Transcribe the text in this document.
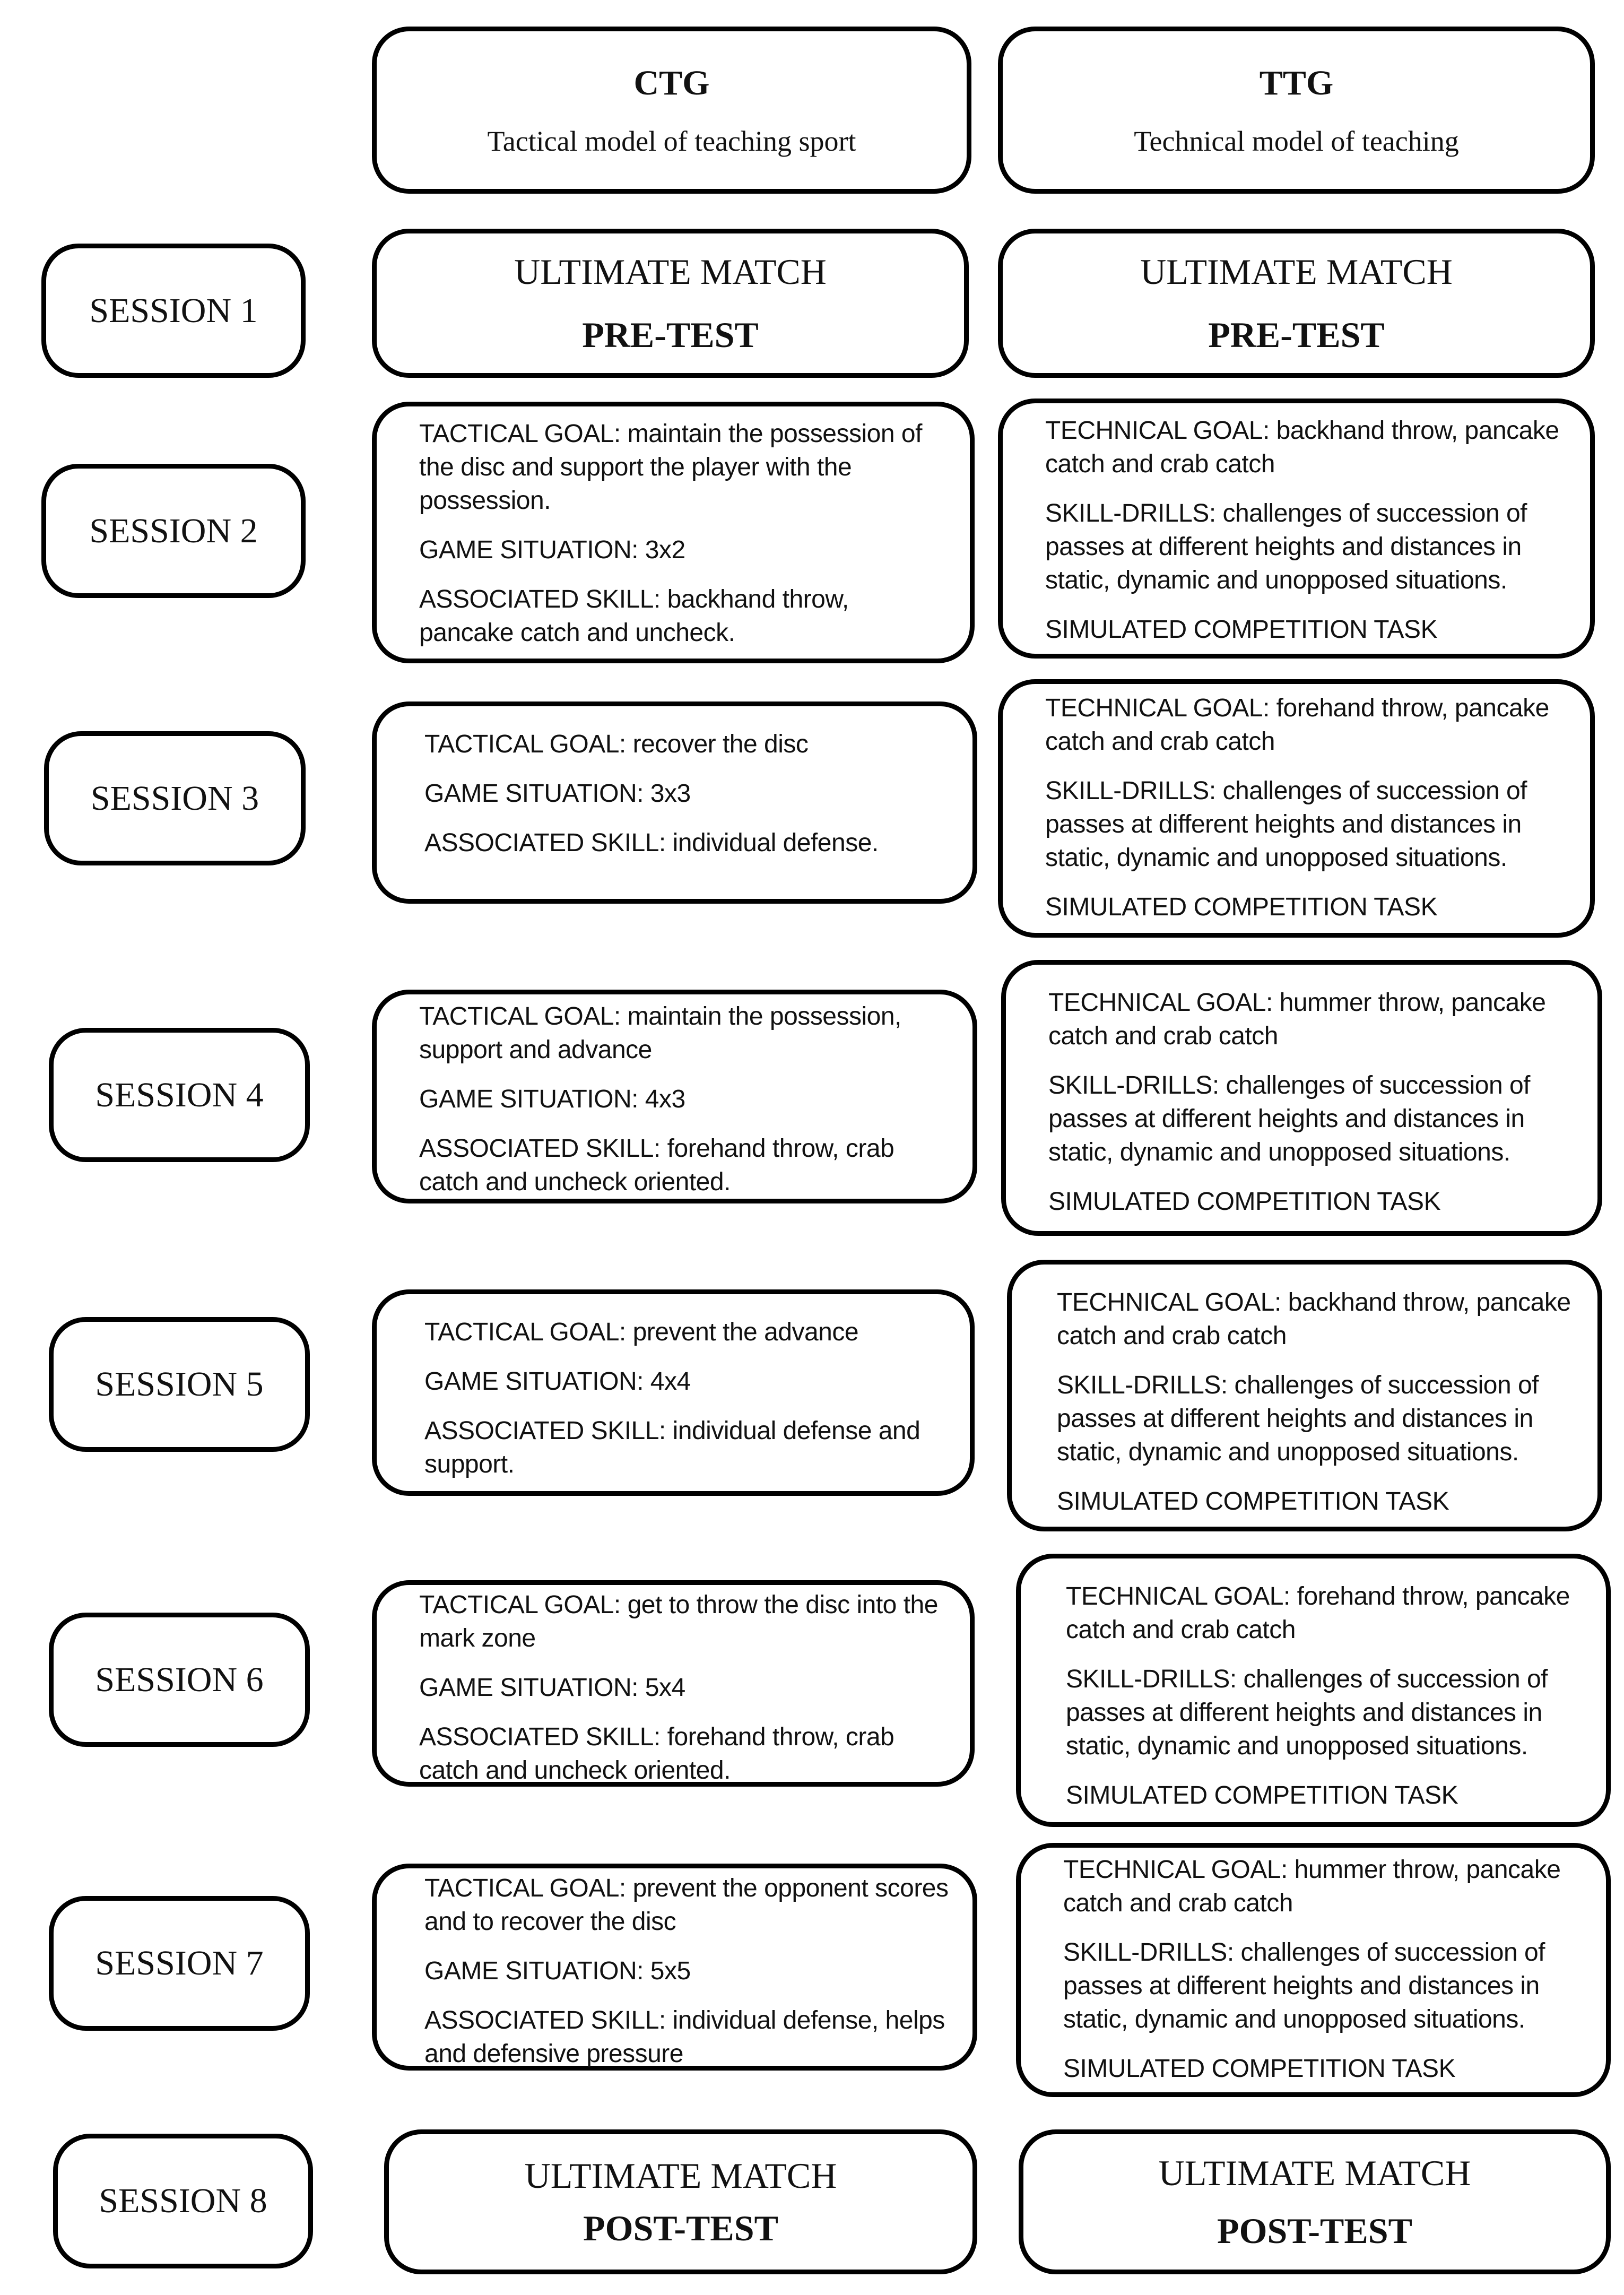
CTG
Tactical model of teaching sport
TTG
Technical model of teaching
SESSION 1
ULTIMATE MATCH
PRE-TEST
ULTIMATE MATCH
PRE-TEST
SESSION 2

TACTICAL GOAL: maintain the possession of the disc and support the player with the possession.

GAME SITUATION: 3x2

ASSOCIATED SKILL: backhand throw, pancake catch and uncheck.

TECHNICAL GOAL: backhand throw, pancake catch and crab catch

SKILL-DRILLS: challenges of succession of passes at different heights and distances in static, dynamic and unopposed situations.

SIMULATED COMPETITION TASK

SESSION 3

TACTICAL GOAL: recover the disc

GAME SITUATION: 3x3

ASSOCIATED SKILL: individual defense.

TECHNICAL GOAL: forehand throw, pancake catch and crab catch

SKILL-DRILLS: challenges of succession of passes at different heights and distances in static, dynamic and unopposed situations.

SIMULATED COMPETITION TASK

SESSION 4

TACTICAL GOAL: maintain the possession, support and advance

GAME SITUATION: 4x3

ASSOCIATED SKILL: forehand throw, crab catch and uncheck oriented.

TECHNICAL GOAL: hummer throw, pancake catch and crab catch

SKILL-DRILLS: challenges of succession of passes at different heights and distances in static, dynamic and unopposed situations.

SIMULATED COMPETITION TASK

SESSION 5

TACTICAL GOAL: prevent the advance

GAME SITUATION: 4x4

ASSOCIATED SKILL: individual defense and support.

TECHNICAL GOAL: backhand throw, pancake catch and crab catch

SKILL-DRILLS: challenges of succession of passes at different heights and distances in static, dynamic and unopposed situations.

SIMULATED COMPETITION TASK

SESSION 6

TACTICAL GOAL: get to throw the disc into the mark zone

GAME SITUATION: 5x4

ASSOCIATED SKILL: forehand throw, crab catch and uncheck oriented.

TECHNICAL GOAL: forehand throw, pancake catch and crab catch

SKILL-DRILLS: challenges of succession of passes at different heights and distances in static, dynamic and unopposed situations.

SIMULATED COMPETITION TASK

SESSION 7

TACTICAL GOAL: prevent the opponent scores and to recover the disc

GAME SITUATION: 5x5

ASSOCIATED SKILL: individual defense, helps and defensive pressure

TECHNICAL GOAL: hummer throw, pancake catch and crab catch

SKILL-DRILLS: challenges of succession of passes at different heights and distances in static, dynamic and unopposed situations.

SIMULATED COMPETITION TASK

SESSION 8
ULTIMATE MATCH
POST-TEST
ULTIMATE MATCH
POST-TEST
